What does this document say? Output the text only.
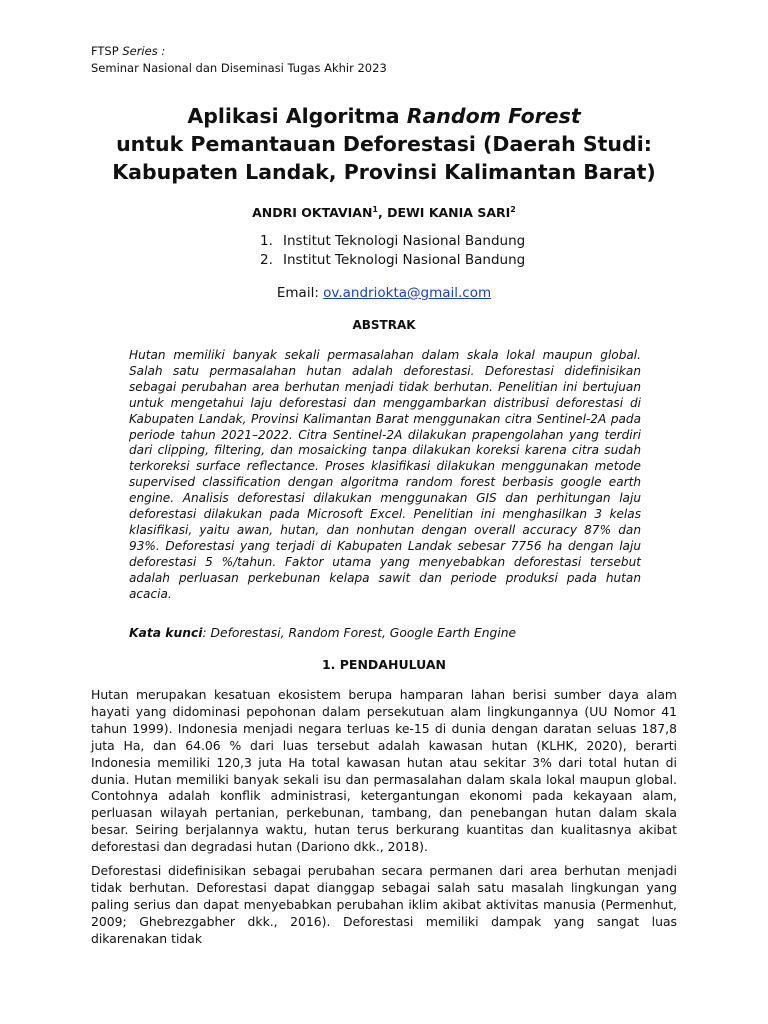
FTSP Series :
Seminar Nasional dan Diseminasi Tugas Akhir 2023
Aplikasi Algoritma Random Forest
untuk Pemantauan Deforestasi (Daerah Studi:
Kabupaten Landak, Provinsi Kalimantan Barat)
ANDRI OKTAVIAN$^1$, DEWI KANIA SARI$^2$
1. Institut Teknologi Nasional Bandung
2. Institut Teknologi Nasional Bandung
Email: ov.andriokta@gmail.com
ABSTRAK
Hutan memiliki banyak sekali permasalahan dalam skala lokal maupun global. Salah satu permasalahan hutan adalah deforestasi. Deforestasi didefinisikan sebagai perubahan area berhutan menjadi tidak berhutan. Penelitian ini bertujuan untuk mengetahui laju deforestasi dan menggambarkan distribusi deforestasi di Kabupaten Landak, Provinsi Kalimantan Barat menggunakan citra Sentinel-2A pada periode tahun 2021–2022. Citra Sentinel-2A dilakukan prapengolahan yang terdiri dari clipping, filtering, dan mosaicking tanpa dilakukan koreksi karena citra sudah terkoreksi surface reflectance. Proses klasifikasi dilakukan menggunakan metode supervised classification dengan algoritma random forest berbasis google earth engine. Analisis deforestasi dilakukan menggunakan GIS dan perhitungan laju deforestasi dilakukan pada Microsoft Excel. Penelitian ini menghasilkan 3 kelas klasifikasi, yaitu awan, hutan, dan nonhutan dengan overall accuracy 87% dan 93%. Deforestasi yang terjadi di Kabupaten Landak sebesar 7756 ha dengan laju deforestasi 5 %/tahun. Faktor utama yang menyebabkan deforestasi tersebut adalah perluasan perkebunan kelapa sawit dan periode produksi pada hutan acacia.
Kata kunci: Deforestasi, Random Forest, Google Earth Engine
1. PENDAHULUAN

Hutan merupakan kesatuan ekosistem berupa hamparan lahan berisi sumber daya alam hayati yang didominasi pepohonan dalam persekutuan alam lingkungannya (UU Nomor 41 tahun 1999). Indonesia menjadi negara terluas ke-15 di dunia dengan daratan seluas 187,8 juta Ha, dan 64.06 % dari luas tersebut adalah kawasan hutan (KLHK, 2020), berarti Indonesia memiliki 120,3 juta Ha total kawasan hutan atau sekitar 3% dari total hutan di dunia. Hutan memiliki banyak sekali isu dan permasalahan dalam skala lokal maupun global. Contohnya adalah konflik administrasi, ketergantungan ekonomi pada kekayaan alam, perluasan wilayah pertanian, perkebunan, tambang, dan penebangan hutan dalam skala besar. Seiring berjalannya waktu, hutan terus berkurang kuantitas dan kualitasnya akibat deforestasi dan degradasi hutan (Dariono dkk., 2018).

Deforestasi didefinisikan sebagai perubahan secara permanen dari area berhutan menjadi tidak berhutan. Deforestasi dapat dianggap sebagai salah satu masalah lingkungan yang paling serius dan dapat menyebabkan perubahan iklim akibat aktivitas manusia (Permenhut, 2009; Ghebrezgabher dkk., 2016). Deforestasi memiliki dampak yang sangat luas dikarenakan tidak
